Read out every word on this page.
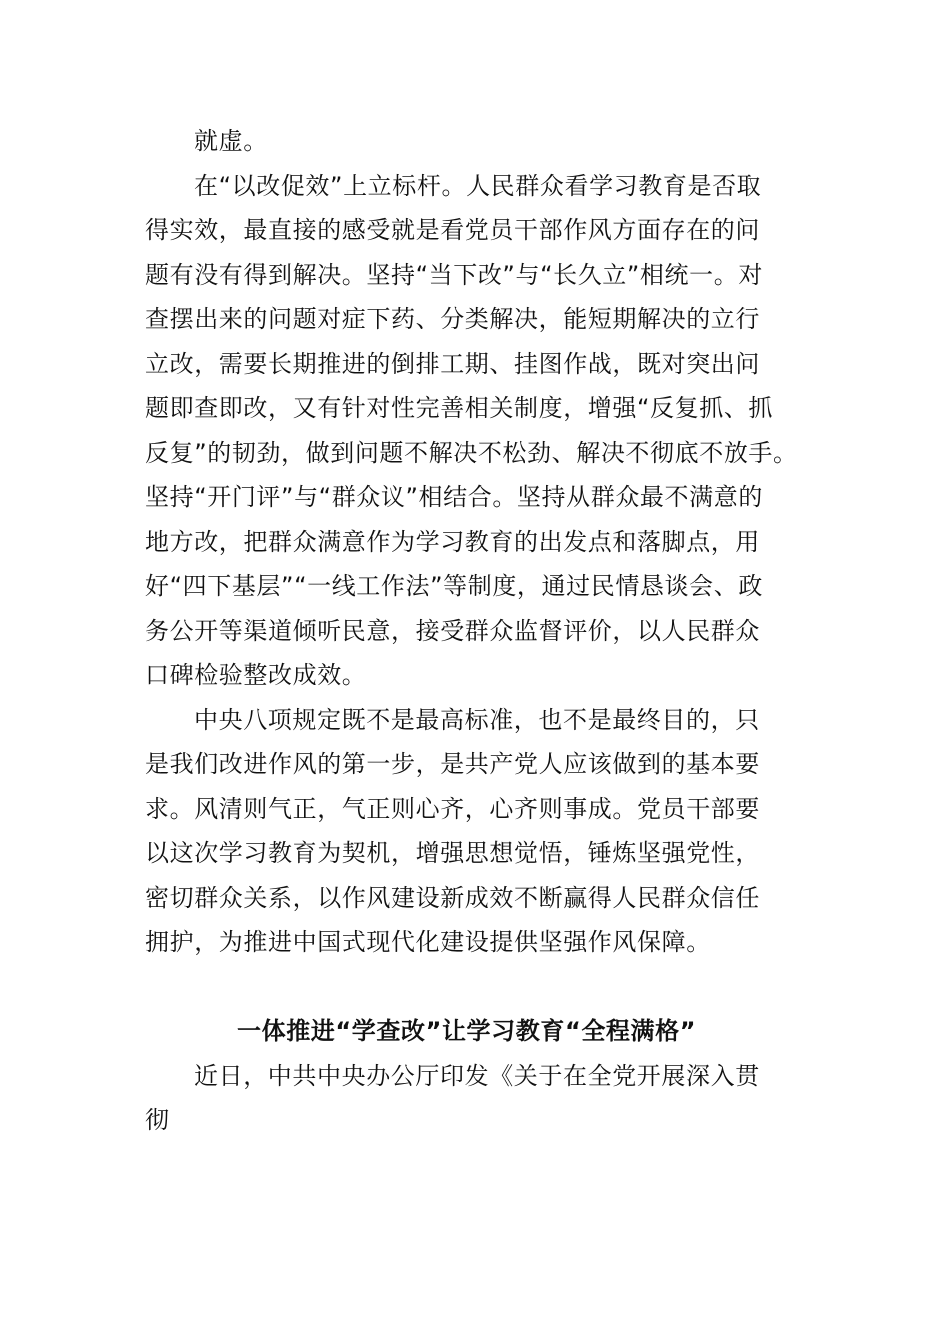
就虚。
在“以改促效”上立标杆。人民群众看学习教育是否取
得实效，最直接的感受就是看党员干部作风方面存在的问
题有没有得到解决。坚持“当下改”与“长久立”相统一。对
查摆出来的问题对症下药、分类解决，能短期解决的立行
立改，需要长期推进的倒排工期、挂图作战，既对突出问
题即查即改，又有针对性完善相关制度，增强“反复抓、抓
反复”的韧劲，做到问题不解决不松劲、解决不彻底不放手。
坚持“开门评”与“群众议”相结合。坚持从群众最不满意的
地方改，把群众满意作为学习教育的出发点和落脚点，用
好“四下基层”“一线工作法”等制度，通过民情恳谈会、政
务公开等渠道倾听民意，接受群众监督评价，以人民群众
口碑检验整改成效。
中央八项规定既不是最高标准，也不是最终目的，只
是我们改进作风的第一步，是共产党人应该做到的基本要
求。风清则气正，气正则心齐，心齐则事成。党员干部要
以这次学习教育为契机，增强思想觉悟，锤炼坚强党性，
密切群众关系，以作风建设新成效不断赢得人民群众信任
拥护，为推进中国式现代化建设提供坚强作风保障。
一体推进“学查改”让学习教育“全程满格”
近日，中共中央办公厅印发《关于在全党开展深入贯
彻
